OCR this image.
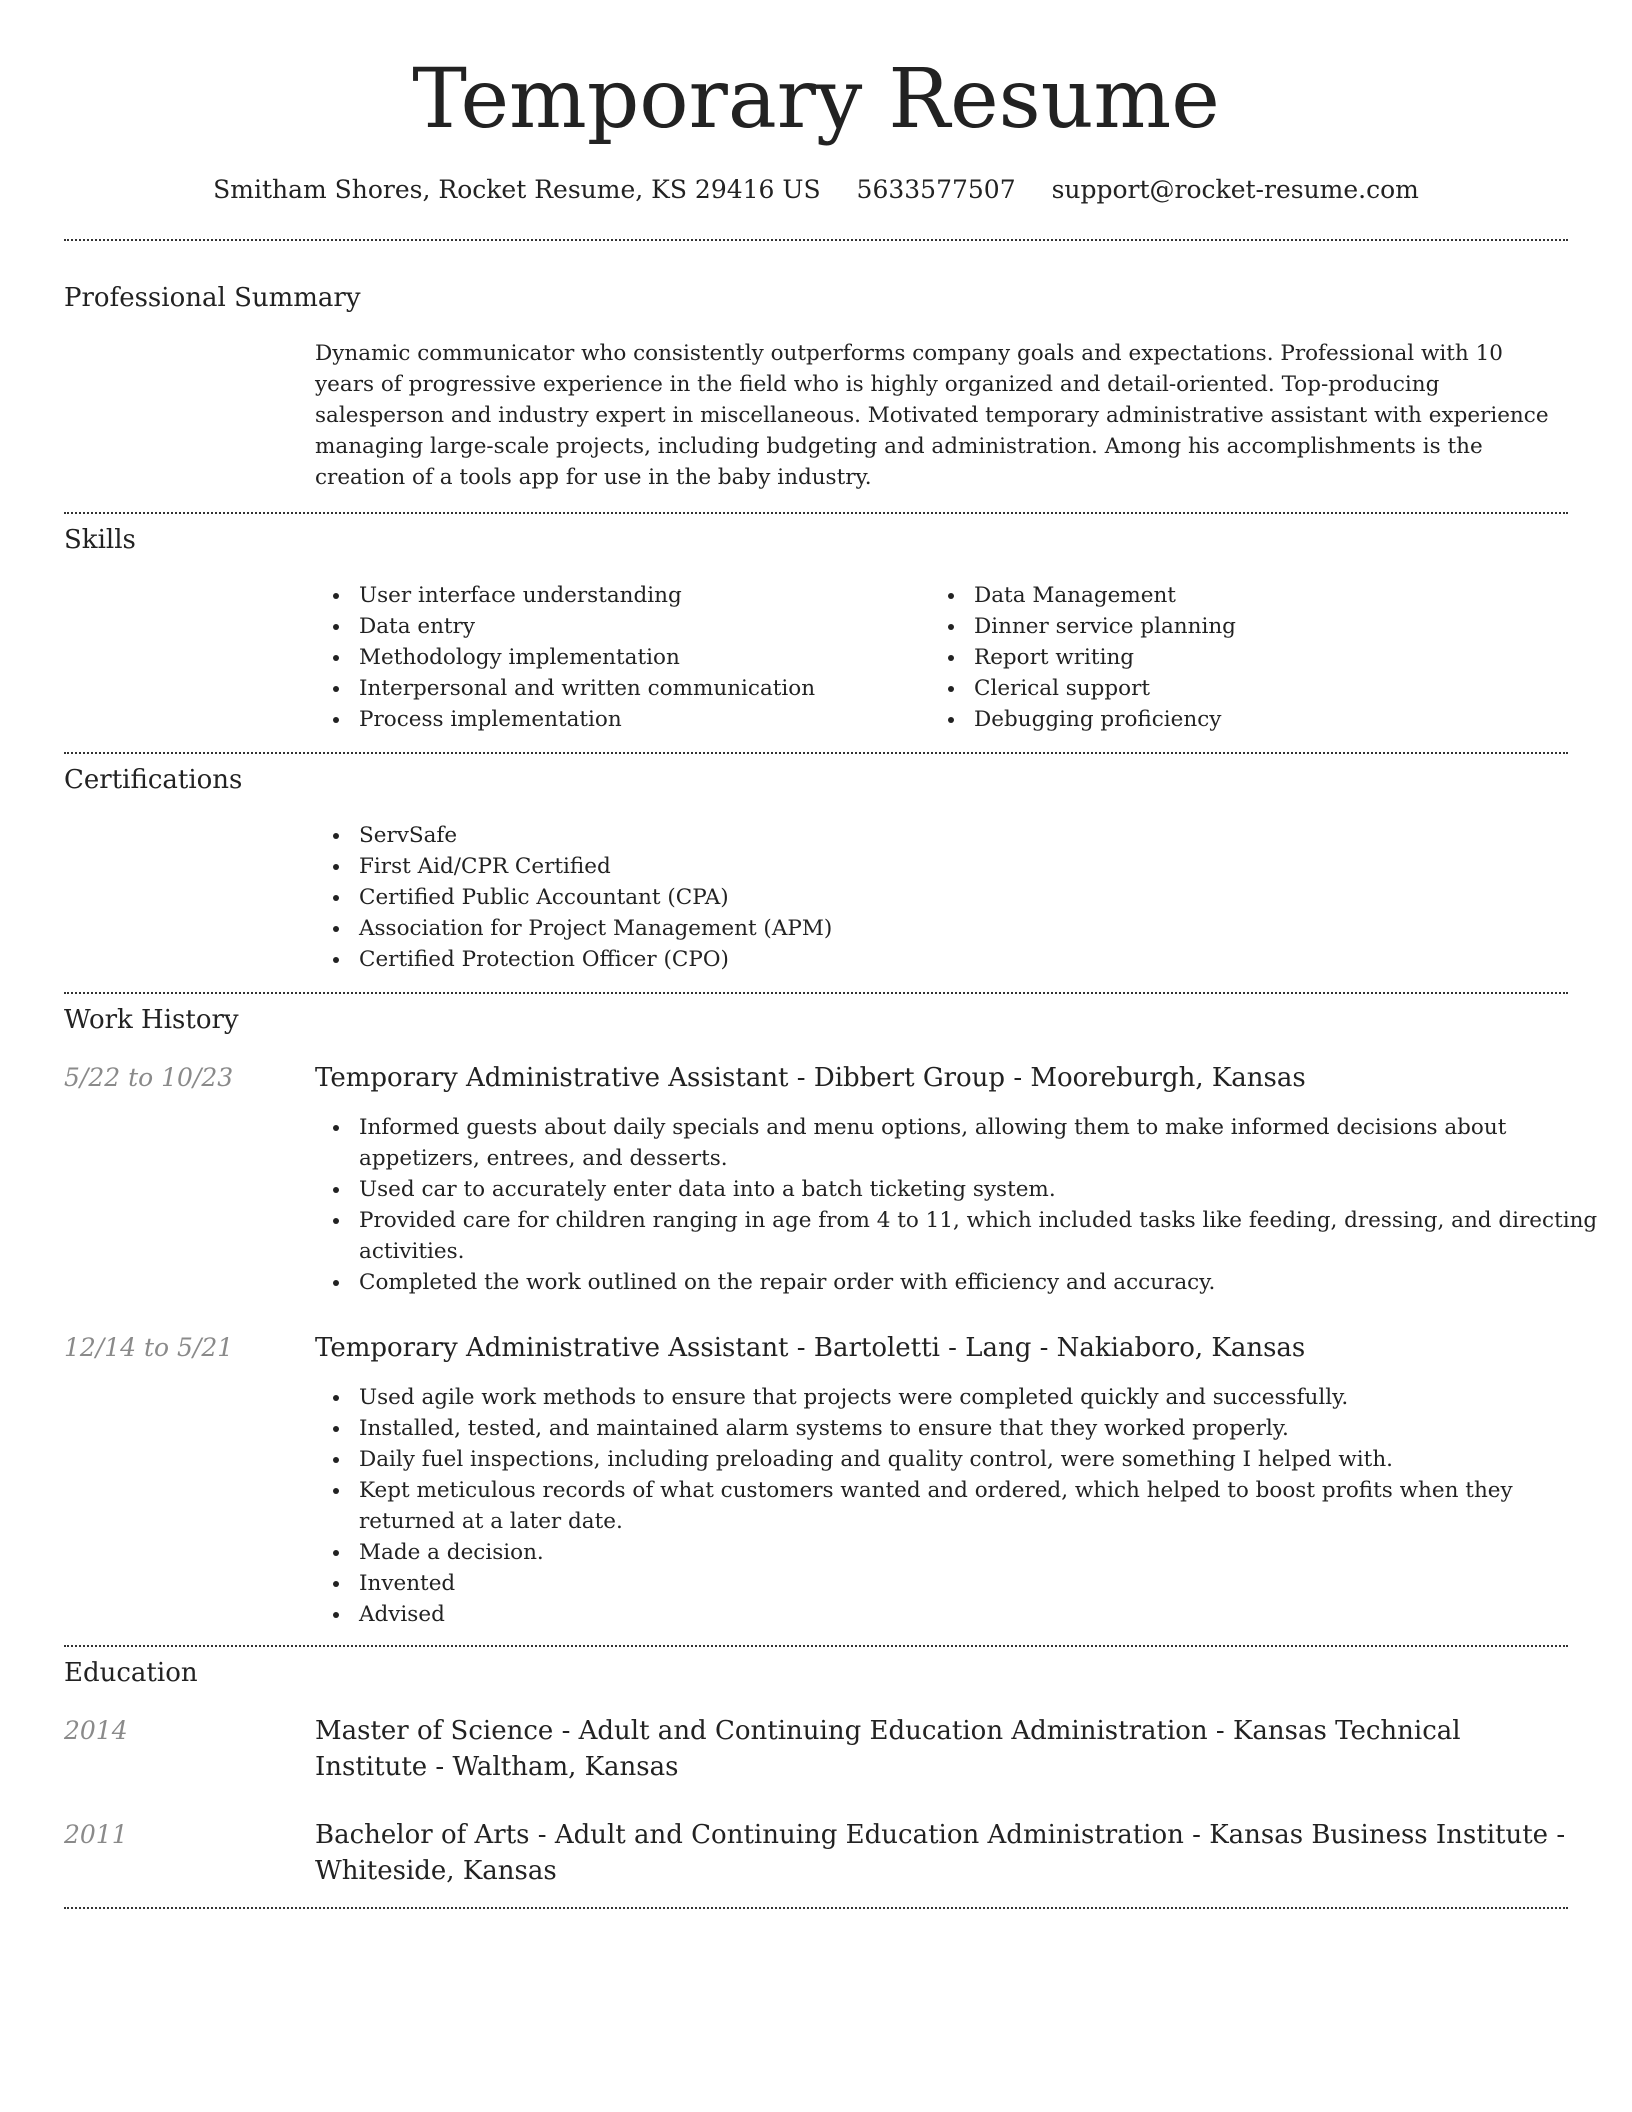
Temporary Resume
Smitham Shores, Rocket Resume, KS 29416 US 5633577507 support@rocket-resume.com
Professional Summary
Dynamic communicator who consistently outperforms company goals and expectations. Professional with 10 years of progressive experience in the field who is highly organized and detail-oriented. Top-producing salesperson and industry expert in miscellaneous. Motivated temporary administrative assistant with experience managing large-scale projects, including budgeting and administration. Among his accomplishments is the creation of a tools app for use in the baby industry.
Skills
User interface understanding
Data entry
Methodology implementation
Interpersonal and written communication
Process implementation
Data Management
Dinner service planning
Report writing
Clerical support
Debugging proficiency
Certifications
ServSafe
First Aid/CPR Certified
Certified Public Accountant (CPA)
Association for Project Management (APM)
Certified Protection Officer (CPO)
Work History
5/22 to 10/23	Temporary Administrative Assistant - Dibbert Group - Mooreburgh, Kansas
Informed guests about daily specials and menu options, allowing them to make informed decisions about appetizers, entrees, and desserts.
Used car to accurately enter data into a batch ticketing system.
Provided care for children ranging in age from 4 to 11, which included tasks like feeding, dressing, and directing activities.
Completed the work outlined on the repair order with efficiency and accuracy.
12/14 to 5/21	Temporary Administrative Assistant - Bartoletti - Lang - Nakiaboro, Kansas
Used agile work methods to ensure that projects were completed quickly and successfully.
Installed, tested, and maintained alarm systems to ensure that they worked properly.
Daily fuel inspections, including preloading and quality control, were something I helped with.
Kept meticulous records of what customers wanted and ordered, which helped to boost profits when they returned at a later date.
Made a decision.
Invented
Advised
Education
2014	Master of Science - Adult and Continuing Education Administration - Kansas Technical Institute - Waltham, Kansas
2011	Bachelor of Arts - Adult and Continuing Education Administration - Kansas Business Institute - Whiteside, Kansas
